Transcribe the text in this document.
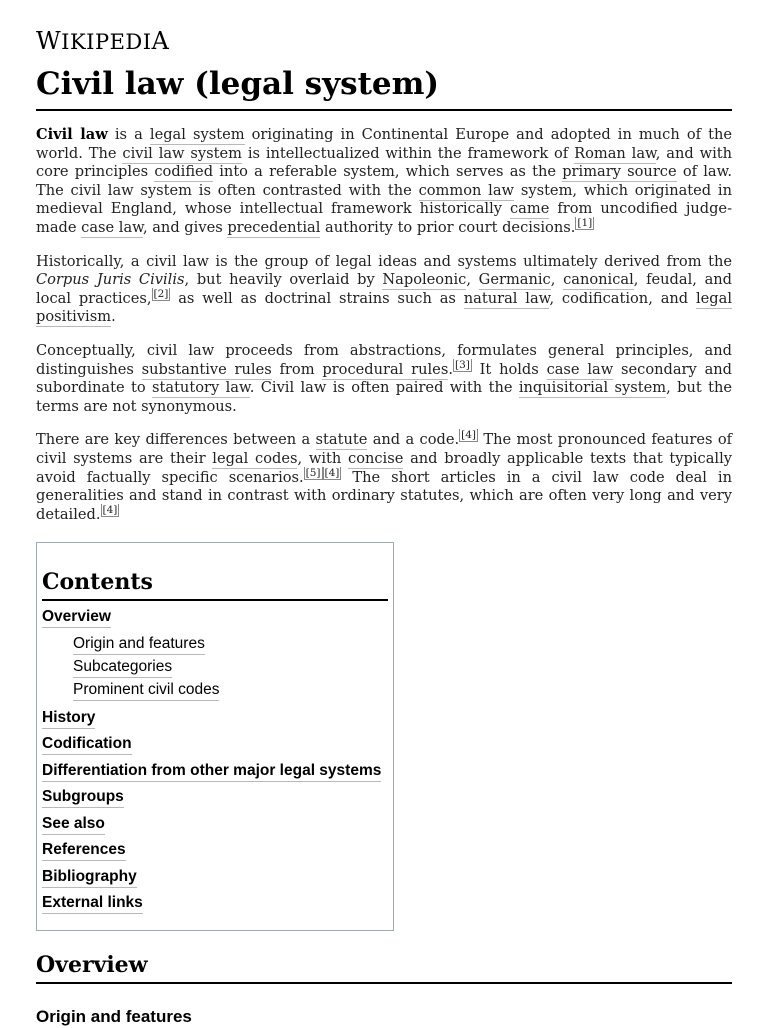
WIKIPEDIA
Civil law (legal system)

Civil law is a legal system originating in Continental Europe and adopted in much of the world. The civil law system is intellectualized within the framework of Roman law, and with core principles codified into a referable system, which serves as the primary source of law. The civil law system is often contrasted with the common law system, which originated in medieval England, whose intellectual framework historically came from uncodified judge-made case law, and gives precedential authority to prior court decisions. [1]

Historically, a civil law is the group of legal ideas and systems ultimately derived from the Corpus Juris Civilis, but heavily overlaid by Napoleonic, Germanic, canonical, feudal, and local practices, [2] as well as doctrinal strains such as natural law, codification, and legal positivism.

Conceptually, civil law proceeds from abstractions, formulates general principles, and distinguishes substantive rules from procedural rules. [3] It holds case law secondary and subordinate to statutory law. Civil law is often paired with the inquisitorial system, but the terms are not synonymous.

There are key differences between a statute and a code. [4] The most pronounced features of civil systems are their legal codes, with concise and broadly applicable texts that typically avoid factually specific scenarios. [5] [4] The short articles in a civil law code deal in generalities and stand in contrast with ordinary statutes, which are often very long and very detailed. [4]

Contents
Overview
Origin and features
Subcategories
Prominent civil codes
History
Codification
Differentiation from other major legal systems
Subgroups
See also
References
Bibliography
External links
Overview
Origin and features
